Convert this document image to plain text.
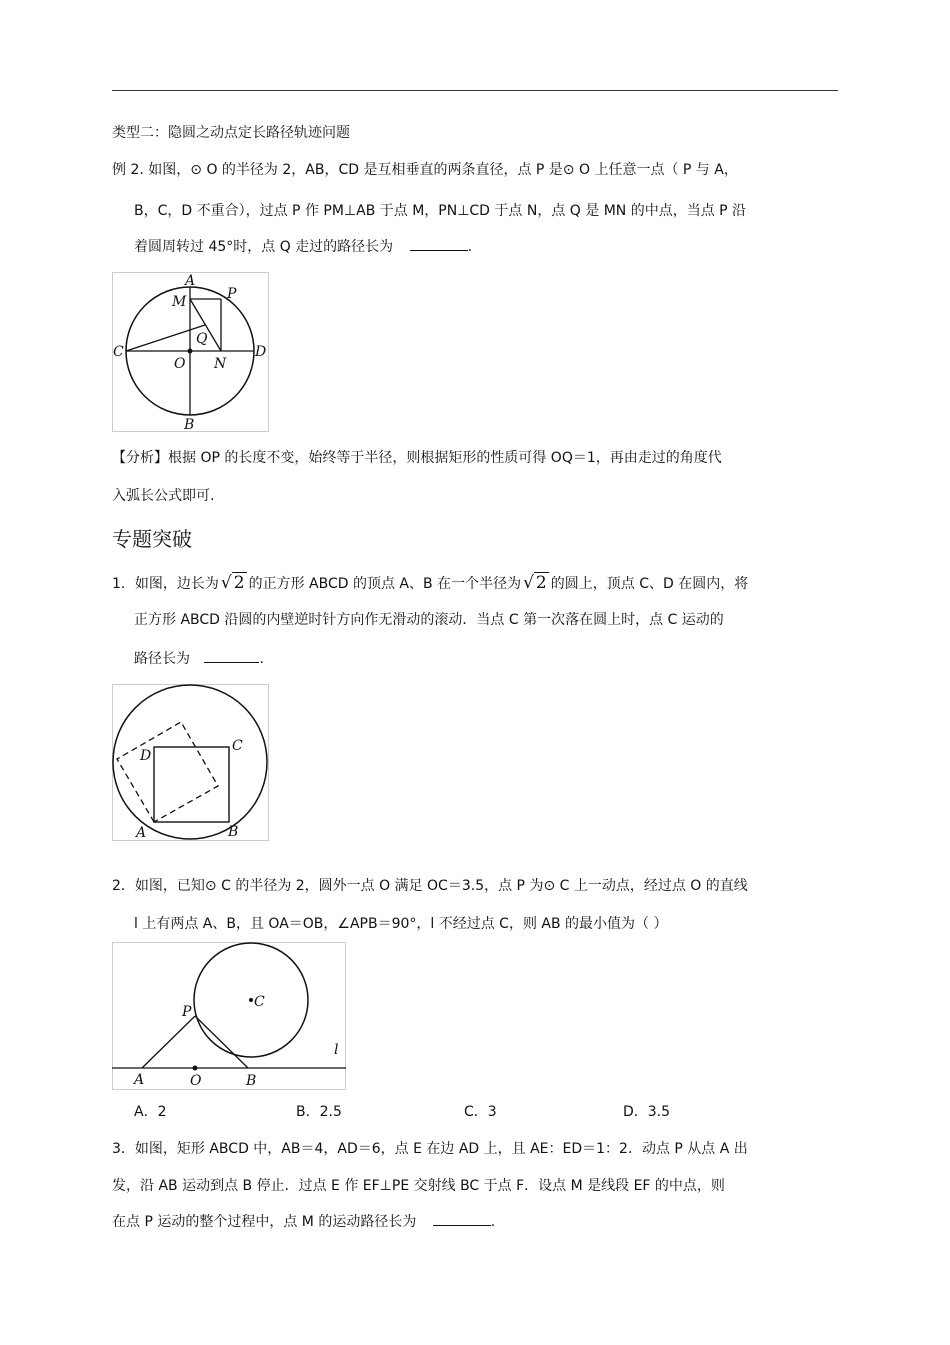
类型二：隐圆之动点定长路径轨迹问题
例 2. 如图，⊙ O 的半径为 2，AB，CD 是互相垂直的两条直径，点 P 是⊙ O 上任意一点（ P 与 A，
B，C，D 不重合），过点 P 作 PM⊥AB 于点 M，PN⊥CD 于点 N，点 Q 是 MN 的中点，当点 P 沿
着圆周转过 45°时，点 Q 走过的路径长为	.
A
M	P
Q
C
O N
D
B
【分析】根据 OP 的长度不变，始终等于半径，则根据矩形的性质可得 OQ＝1，再由走过的角度代
入弧长公式即可.
专题突破
1．如图，边长为 √ 2 的正方形 ABCD 的顶点 A、B 在一个半径为 √ 2 的圆上，顶点 C、D 在圆内，将
正方形 ABCD 沿圆的内壁逆时针方向作无滑动的滚动．当点 C 第一次落在圆上时，点 C 运动的
路径长为	.
D
C
A	B
2．如图，已知⊙ C 的半径为 2，圆外一点 O 满足 OC＝3.5，点 P 为⊙ C 上一动点，经过点 O 的直线
l 上有两点 A、B，且 OA＝OB，∠APB＝90°，l 不经过点 C，则 AB 的最小值为（ ）
P
C
l
A	O	B
A．2	B．2.5	C．3	D．3.5
3．如图，矩形 ABCD 中，AB＝4，AD＝6，点 E 在边 AD 上，且 AE：ED＝1：2．动点 P 从点 A 出
发，沿 AB 运动到点 B 停止．过点 E 作 EF⊥PE 交射线 BC 于点 F．设点 M 是线段 EF 的中点，则
在点 P 运动的整个过程中，点 M 的运动路径长为	.
